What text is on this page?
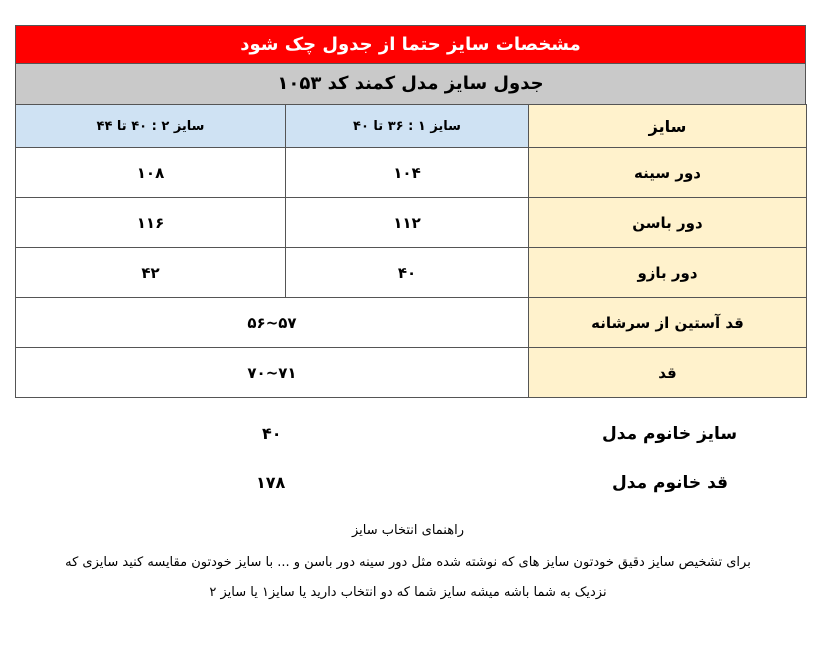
مشخصات سایز حتما از جدول چک شود
جدول سایز مدل کمند کد ۱۰۵۳
سایز ۲ : ۴۰ تا ۴۴	سایز ۱ : ۳۶ تا ۴۰	سایز
۱۰۸	۱۰۴	دور سینه
۱۱۶	۱۱۲	دور باسن
۴۲	۴۰	دور بازو
۵۶~۵۷		قد آستین از سرشانه
۷۰~۷۱		قد
سایز خانوم مدل
۴۰
قد خانوم مدل
۱۷۸
راهنمای انتخاب سایز
برای تشخیص سایز دقیق خودتون سایز های که نوشته شده مثل دور سینه دور باسن و ... با سایز خودتون مقایسه کنید سایزی که
نزدیک به شما باشه میشه سایز شما که دو انتخاب دارید یا سایز۱ یا سایز ۲
